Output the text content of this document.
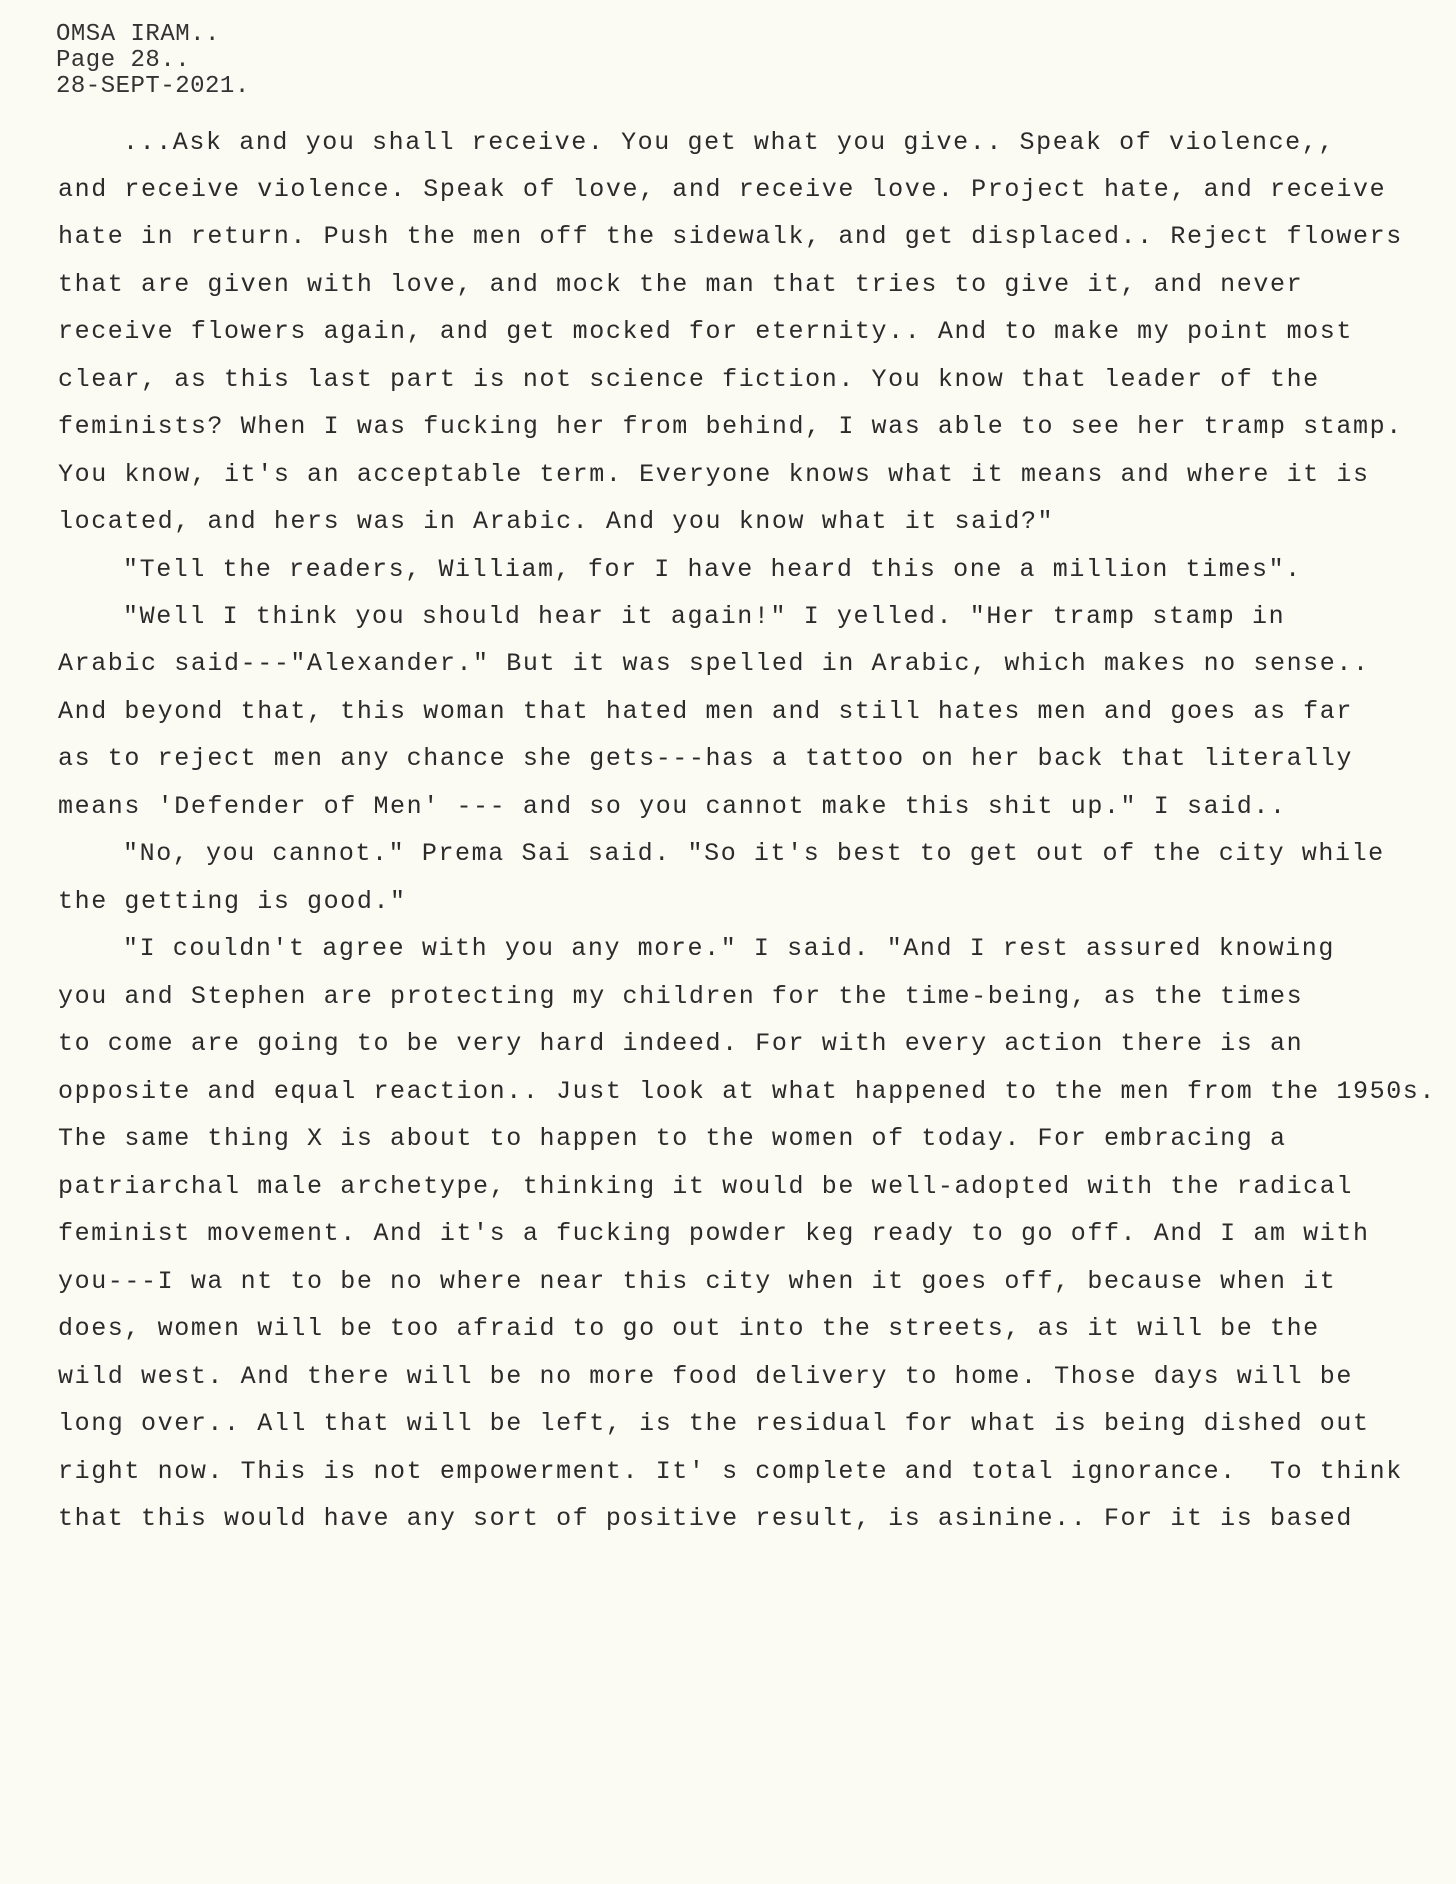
OMSA IRAM..
Page 28..
28-SEPT-2021.
...Ask and you shall receive. You get what you give.. Speak of violence,,
and receive violence. Speak of love, and receive love. Project hate, and receive
hate in return. Push the men off the sidewalk, and get displaced.. Reject flowers
that are given with love, and mock the man that tries to give it, and never
receive flowers again, and get mocked for eternity.. And to make my point most
clear, as this last part is not science fiction. You know that leader of the
feminists? When I was fucking her from behind, I was able to see her tramp stamp.
You know, it's an acceptable term. Everyone knows what it means and where it is
located, and hers was in Arabic. And you know what it said?"
"Tell the readers, William, for I have heard this one a million times".
"Well I think you should hear it again!" I yelled. "Her tramp stamp in
Arabic said---"Alexander." But it was spelled in Arabic, which makes no sense..
And beyond that, this woman that hated men and still hates men and goes as far
as to reject men any chance she gets---has a tattoo on her back that literally
means 'Defender of Men' --- and so you cannot make this shit up." I said..
"No, you cannot." Prema Sai said. "So it's best to get out of the city while
the getting is good."
"I couldn't agree with you any more." I said. "And I rest assured knowing
you and Stephen are protecting my children for the time-being, as the times
to come are going to be very hard indeed. For with every action there is an
opposite and equal reaction.. Just look at what happened to the men from the 1950s.
The same thing X is about to happen to the women of today. For embracing a
patriarchal male archetype, thinking it would be well-adopted with the radical
feminist movement. And it's a fucking powder keg ready to go off. And I am with
you---I wa nt to be no where near this city when it goes off, because when it
does, women will be too afraid to go out into the streets, as it will be the
wild west. And there will be no more food delivery to home. Those days will be
long over.. All that will be left, is the residual for what is being dished out
right now. This is not empowerment. It' s complete and total ignorance.  To think
that this would have any sort of positive result, is asinine.. For it is based
